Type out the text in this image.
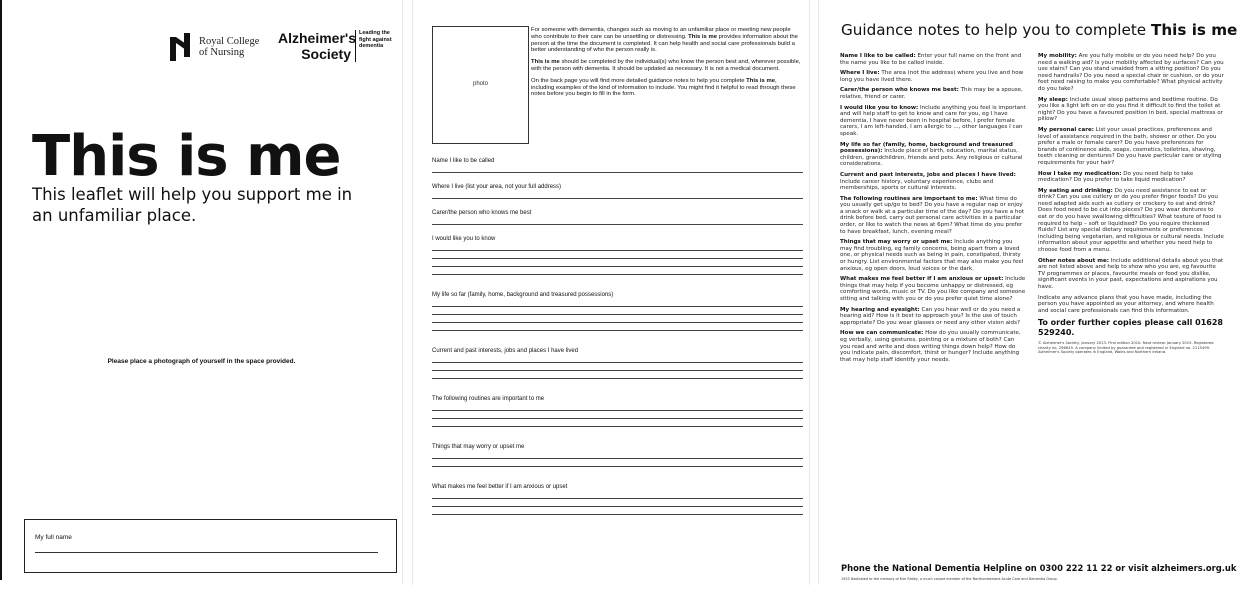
Royal College of Nursing
Alzheimer's Society
Leading the fight against dementia
This is me
This leaflet will help you support me in an unfamiliar place.
Please place a photograph of yourself in the space provided.
My full name
photo

For someone with dementia, changes such as moving to an unfamiliar place or meeting new people who contribute to their care can be unsettling or distressing. This is me provides information about the person at the time the document is completed. It can help health and social care professionals build a better understanding of who the person really is.

This is me should be completed by the individual(s) who know the person best and, wherever possible, with the person with dementia. It should be updated as necessary. It is not a medical document.

On the back page you will find more detailed guidance notes to help you complete This is me, including examples of the kind of information to include. You might find it helpful to read through these notes before you begin to fill in the form.

Name I like to be called
Where I live (list your area, not your full address)
Carer/the person who knows me best
I would like you to know
My life so far (family, home, background and treasured possessions)
Current and past interests, jobs and places I have lived
The following routines are important to me
Things that may worry or upset me
What makes me feel better if I am anxious or upset
Guidance notes to help you to complete This is me

Name I like to be called: Enter your full name on the front and the name you like to be called inside.

Where I live: The area (not the address) where you live and how long you have lived there.

Carer/the person who knows me best: This may be a spouse, relative, friend or carer.

I would like you to know: Include anything you feel is important and will help staff to get to know and care for you, eg I have dementia, I have never been in hospital before, I prefer female carers, I am left-handed, I am allergic to ..., other languages I can speak.

My life so far (family, home, background and treasured possessions): Include place of birth, education, marital status, children, grandchildren, friends and pets. Any religious or cultural considerations.

Current and past interests, jobs and places I have lived: Include career history, voluntary experience, clubs and memberships, sports or cultural interests.

The following routines are important to me: What time do you usually get up/go to bed? Do you have a regular nap or enjoy a snack or walk at a particular time of the day? Do you have a hot drink before bed, carry out personal care activities in a particular order, or like to watch the news at 6pm? What time do you prefer to have breakfast, lunch, evening meal?

Things that may worry or upset me: Include anything you may find troubling, eg family concerns, being apart from a loved one, or physical needs such as being in pain, constipated, thirsty or hungry. List environmental factors that may also make you feel anxious, eg open doors, loud voices or the dark.

What makes me feel better if I am anxious or upset: Include things that may help if you become unhappy or distressed, eg comforting words, music or TV. Do you like company and someone sitting and talking with you or do you prefer quiet time alone?

My hearing and eyesight: Can you hear well or do you need a hearing aid? How is it best to approach you? Is the use of touch appropriate? Do you wear glasses or need any other vision aids?

How we can communicate: How do you usually communicate, eg verbally, using gestures, pointing or a mixture of both? Can you read and write and does writing things down help? How do you indicate pain, discomfort, thirst or hunger? Include anything that may help staff identify your needs.

My mobility: Are you fully mobile or do you need help? Do you need a walking aid? Is your mobility affected by surfaces? Can you use stairs? Can you stand unaided from a sitting position? Do you need handrails? Do you need a special chair or cushion, or do your feet need raising to make you comfortable? What physical activity do you take?

My sleep: Include usual sleep patterns and bedtime routine. Do you like a light left on or do you find it difficult to find the toilet at night? Do you have a favoured position in bed, special mattress or pillow?

My personal care: List your usual practices, preferences and level of assistance required in the bath, shower or other. Do you prefer a male or female carer? Do you have preferences for brands of continence aids, soaps, cosmetics, toiletries, shaving, teeth cleaning or dentures? Do you have particular care or styling requirements for your hair?

How I take my medication: Do you need help to take medication? Do you prefer to take liquid medication?

My eating and drinking: Do you need assistance to eat or drink? Can you use cutlery or do you prefer finger foods? Do you need adapted aids such as cutlery or crockery to eat and drink? Does food need to be cut into pieces? Do you wear dentures to eat or do you have swallowing difficulties? What texture of food is required to help – soft or liquidised? Do you require thickened fluids? List any special dietary requirements or preferences including being vegetarian, and religious or cultural needs. Include information about your appetite and whether you need help to choose food from a menu.

Other notes about me: Include additional details about you that are not listed above and help to show who you are, eg favourite TV programmes or places, favourite meals or food you dislike, significant events in your past, expectations and aspirations you have.

Indicate any advance plans that you have made, including the person you have appointed as your attorney, and where health and social care professionals can find this information.

To order further copies please call 01628 529240.
© Alzheimer's Society, January 2013. First edition 2010. Next review: January 2015. Registered charity no. 296645. A company limited by guarantee and registered in England no. 2115499. Alzheimer's Society operates in England, Wales and Northern Ireland.
Phone the National Dementia Helpline on 0300 222 11 22 or visit alzheimers.org.uk
1553 Dedicated to the memory of Kim Ridley, a much valued member of the Northumberland Acute Care and Dementia Group.
